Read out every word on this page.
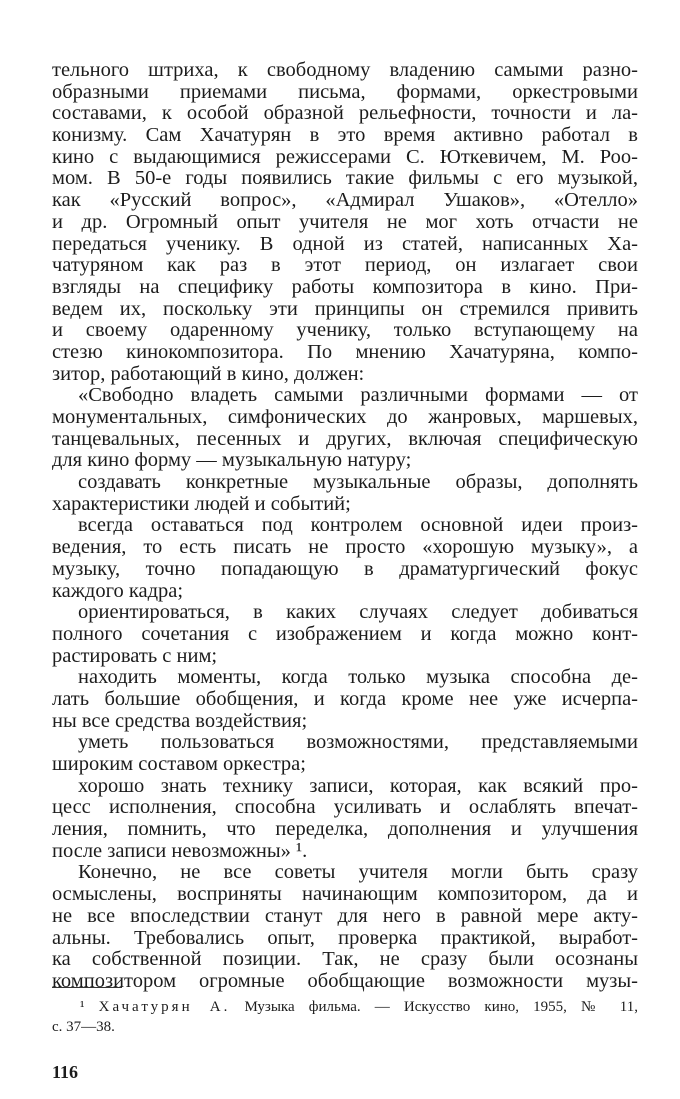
тельного штриха, к свободному владению самыми разно-
образными приемами письма, формами, оркестровыми
составами, к особой образной рельефности, точности и ла-
конизму. Сам Хачатурян в это время активно работал в
кино с выдающимися режиссерами С. Юткевичем, М. Роо-
мом. В 50-е годы появились такие фильмы с его музыкой,
как «Русский вопрос», «Адмирал Ушаков», «Отелло»
и др. Огромный опыт учителя не мог хоть отчасти не
передаться ученику. В одной из статей, написанных Ха-
чатуряном как раз в этот период, он излагает свои
взгляды на специфику работы композитора в кино. При-
ведем их, поскольку эти принципы он стремился привить
и своему одаренному ученику, только вступающему на
стезю кинокомпозитора. По мнению Хачатуряна, компо-
зитор, работающий в кино, должен:
«Свободно владеть самыми различными формами — от
монументальных, симфонических до жанровых, маршевых,
танцевальных, песенных и других, включая специфическую
для кино форму — музыкальную натуру;
создавать конкретные музыкальные образы, дополнять
характеристики людей и событий;
всегда оставаться под контролем основной идеи произ-
ведения, то есть писать не просто «хорошую музыку», а
музыку, точно попадающую в драматургический фокус
каждого кадра;
ориентироваться, в каких случаях следует добиваться
полного сочетания с изображением и когда можно конт-
растировать с ним;
находить моменты, когда только музыка способна де-
лать большие обобщения, и когда кроме нее уже исчерпа-
ны все средства воздействия;
уметь пользоваться возможностями, представляемыми
широким составом оркестра;
хорошо знать технику записи, которая, как всякий про-
цесс исполнения, способна усиливать и ослаблять впечат-
ления, помнить, что переделка, дополнения и улучшения
после записи невозможны» ¹.
Конечно, не все советы учителя могли быть сразу
осмыслены, восприняты начинающим композитором, да и
не все впоследствии станут для него в равной мере акту-
альны. Требовались опыт, проверка практикой, выработ-
ка собственной позиции. Так, не сразу были осознаны
композитором огромные обобщающие возможности музы-
¹ Хачатурян А. Музыка фильма. — Искусство кино, 1955, № 11,
с. 37—38.
116
